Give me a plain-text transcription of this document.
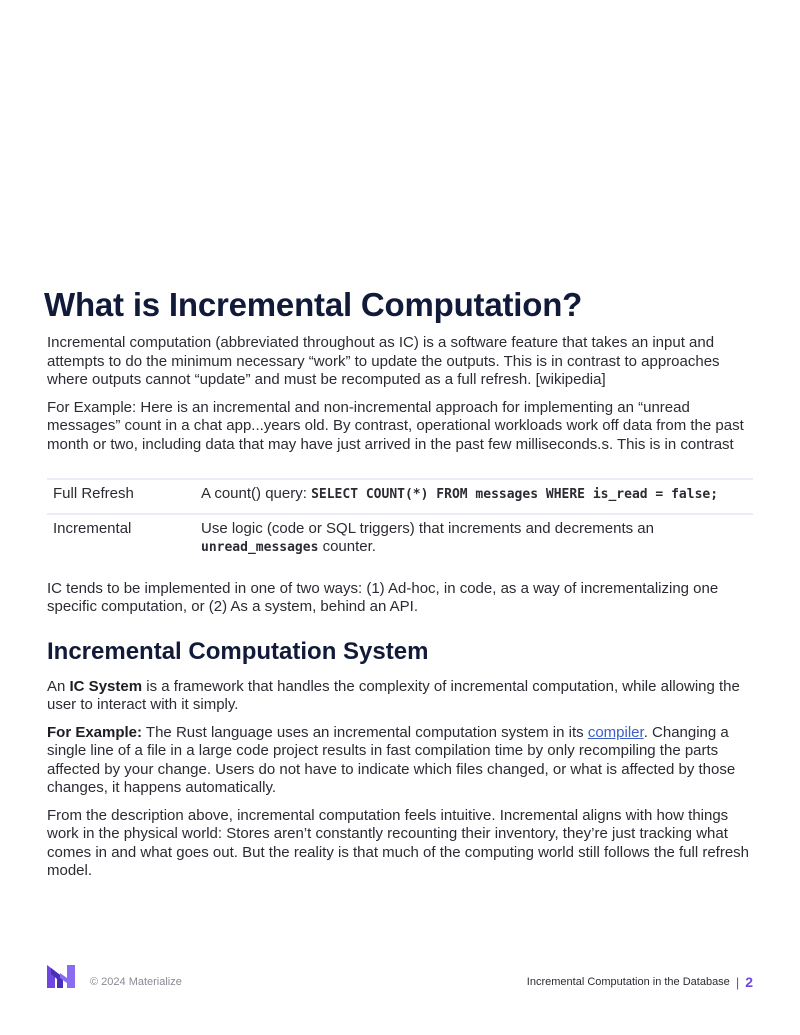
What is Incremental Computation?

Incremental computation (abbreviated throughout as IC) is a software feature that takes an input and attempts to do the minimum necessary “work” to update the outputs. This is in contrast to approaches where outputs cannot “update” and must be recomputed as a full refresh. [wikipedia]

For Example: Here is an incremental and non-incremental approach for implementing an “unread messages” count in a chat app...years old. By contrast, operational workloads work off data from the past month or two, including data that may have just arrived in the past few milliseconds.s. This is in contrast

Full Refresh	A count() query: SELECT COUNT(*) FROM messages WHERE is_read = false;
Incremental	Use logic (code or SQL triggers) that increments and decrements an unread_messages counter.

IC tends to be implemented in one of two ways: (1) Ad-hoc, in code, as a way of incrementalizing one specific computation, or (2) As a system, behind an API.

Incremental Computation System

An IC System is a framework that handles the complexity of incremental computation, while allowing the user to interact with it simply.

For Example: The Rust language uses an incremental computation system in its compiler. Changing a single line of a file in a large code project results in fast compilation time by only recompiling the parts affected by your change. Users do not have to indicate which files changed, or what is affected by those changes, it happens automatically.

From the description above, incremental computation feels intuitive. Incremental aligns with how things work in the physical world: Stores aren’t constantly recounting their inventory, they’re just tracking what comes in and what goes out. But the reality is that much of the computing world still follows the full refresh model.

© 2024 Materialize	Incremental Computation in the Database | 2
